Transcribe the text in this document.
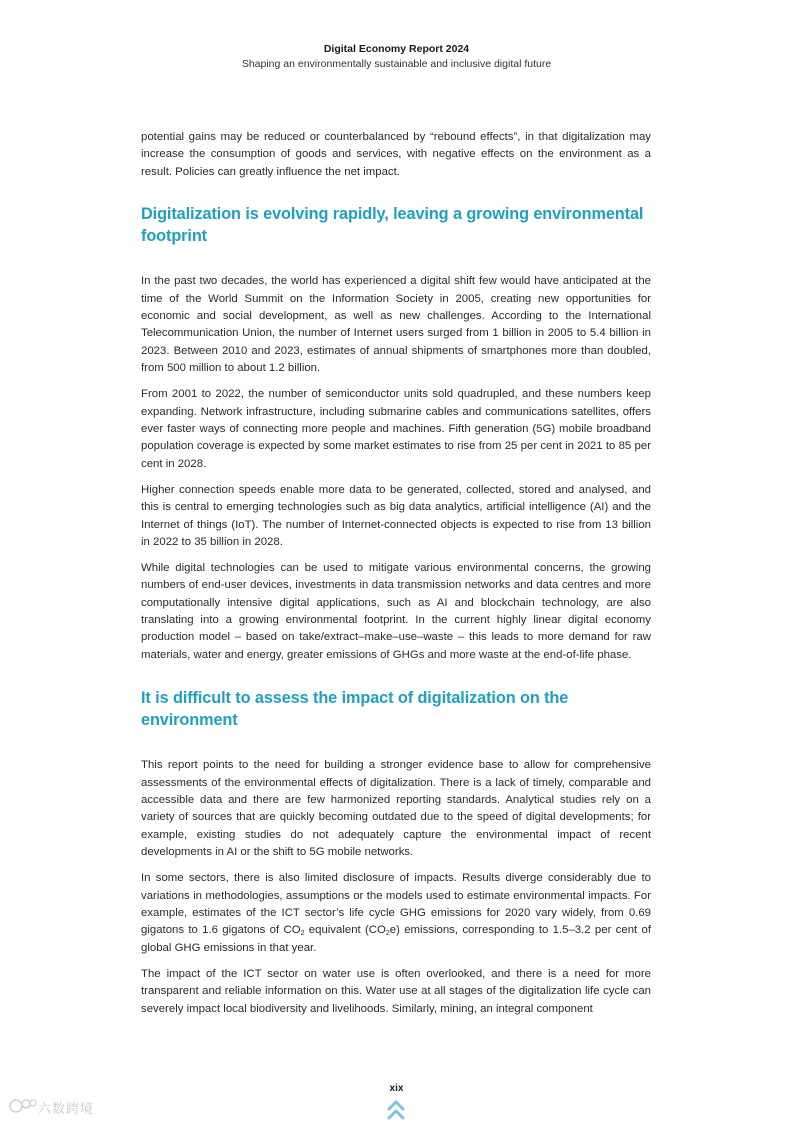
Digital Economy Report 2024
Shaping an environmentally sustainable and inclusive digital future

potential gains may be reduced or counterbalanced by “rebound effects”, in that digitalization may increase the consumption of goods and services, with negative effects on the environment as a result. Policies can greatly influence the net impact.

Digitalization is evolving rapidly, leaving a growing environmental footprint

In the past two decades, the world has experienced a digital shift few would have anticipated at the time of the World Summit on the Information Society in 2005, creating new opportunities for economic and social development, as well as new challenges. According to the International Telecommunication Union, the number of Internet users surged from 1 billion in 2005 to 5.4 billion in 2023. Between 2010 and 2023, estimates of annual shipments of smartphones more than doubled, from 500 million to about 1.2 billion.

From 2001 to 2022, the number of semiconductor units sold quadrupled, and these numbers keep expanding. Network infrastructure, including submarine cables and communications satellites, offers ever faster ways of connecting more people and machines. Fifth generation (5G) mobile broadband population coverage is expected by some market estimates to rise from 25 per cent in 2021 to 85 per cent in 2028.

Higher connection speeds enable more data to be generated, collected, stored and analysed, and this is central to emerging technologies such as big data analytics, artificial intelligence (AI) and the Internet of things (IoT). The number of Internet-connected objects is expected to rise from 13 billion in 2022 to 35 billion in 2028.

While digital technologies can be used to mitigate various environmental concerns, the growing numbers of end-user devices, investments in data transmission networks and data centres and more computationally intensive digital applications, such as AI and blockchain technology, are also translating into a growing environmental footprint. In the current highly linear digital economy production model – based on take/extract–make–use–waste – this leads to more demand for raw materials, water and energy, greater emissions of GHGs and more waste at the end-of-life phase.

It is difficult to assess the impact of digitalization on the environment

This report points to the need for building a stronger evidence base to allow for comprehensive assessments of the environmental effects of digitalization. There is a lack of timely, comparable and accessible data and there are few harmonized reporting standards. Analytical studies rely on a variety of sources that are quickly becoming outdated due to the speed of digital developments; for example, existing studies do not adequately capture the environmental impact of recent developments in AI or the shift to 5G mobile networks.

In some sectors, there is also limited disclosure of impacts. Results diverge considerably due to variations in methodologies, assumptions or the models used to estimate environmental impacts. For example, estimates of the ICT sector’s life cycle GHG emissions for 2020 vary widely, from 0.69 gigatons to 1.6 gigatons of $CO_2$ equivalent $(CO_2e)$ emissions, corresponding to 1.5–3.2 per cent of global GHG emissions in that year.

The impact of the ICT sector on water use is often overlooked, and there is a need for more transparent and reliable information on this. Water use at all stages of the digitalization life cycle can severely impact local biodiversity and livelihoods. Similarly, mining, an integral component

xix
六数跨境
